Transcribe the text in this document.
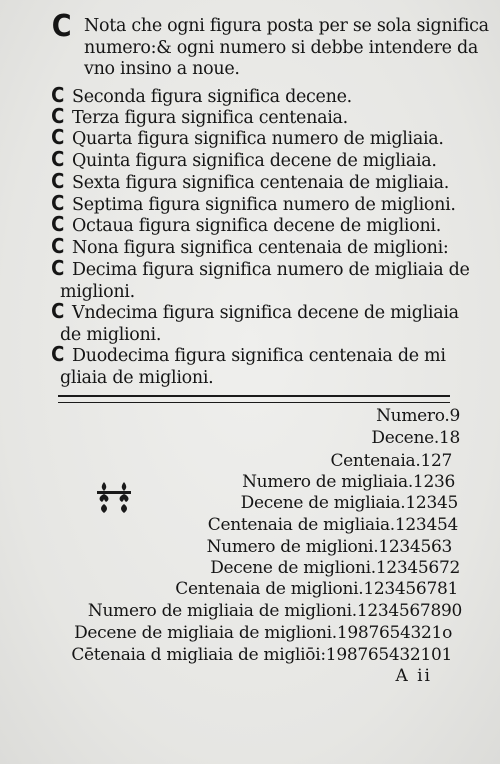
C Nota che ogni figura posta per se sola significa
numero:& ogni numero si debbe intendere da
vno insino a noue.
C Seconda figura significa decene.
C Terza figura significa centenaia.
C Quarta figura significa numero de migliaia.
C Quinta figura significa decene de migliaia.
C Sexta figura significa centenaia de migliaia.
C Septima figura significa numero de miglioni.
C Octaua figura significa decene de miglioni.
C Nona figura significa centenaia de miglioni:
C Decima figura significa numero de migliaia de
miglioni.
C Vndecima figura significa decene de migliaia
de miglioni.
C Duodecima figura significa centenaia de mi
gliaia de miglioni.
Numero.9
Decene.18
Centenaia.127
Numero de migliaia.1236
Decene de migliaia.12345
Centenaia de migliaia.123454
Numero de miglioni.1234563
Decene de miglioni.12345672
Centenaia de miglioni.123456781
Numero de migliaia de miglioni.1234567890
Decene de migliaia de miglioni.1987654321o
Cētenaia d migliaia de migliōi:198765432101
A ii
